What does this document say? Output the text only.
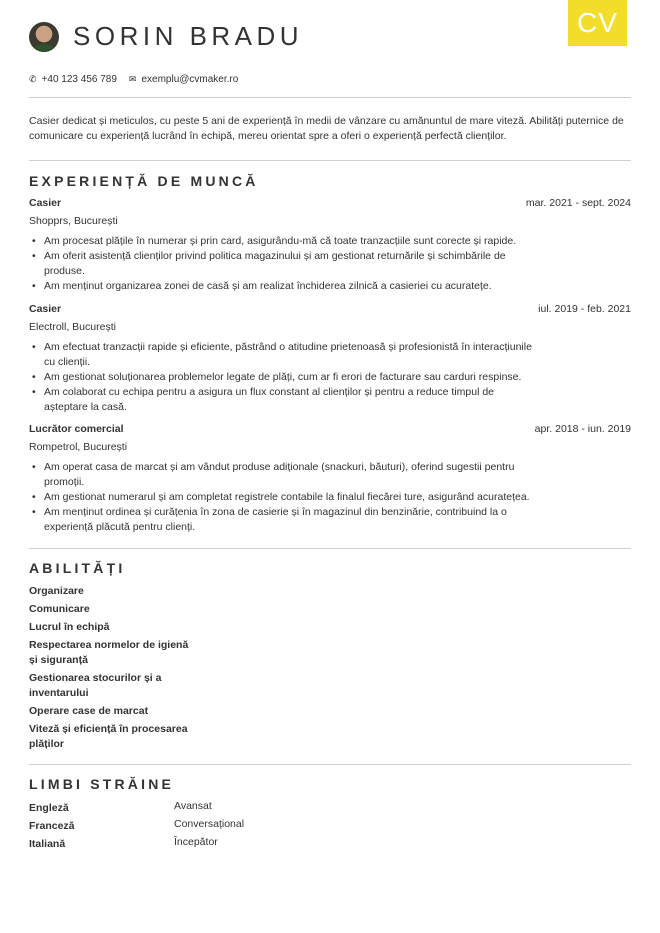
CV
SORIN BRADU
✆ +40 123 456 789 ✉ exemplu@cvmaker.ro

Casier dedicat și meticulos, cu peste 5 ani de experiență în medii de vânzare cu amănuntul de mare viteză. Abilități puternice de comunicare cu experiență lucrând în echipă, mereu orientat spre a oferi o experiență perfectă clienților.

EXPERIENȚĂ DE MUNCĂ
Casier	mar. 2021 - sept. 2024
Shopprs, București
• Am procesat plățile în numerar și prin card, asigurându-mă că toate tranzacțiile sunt corecte și rapide.
• Am oferit asistență clienților privind politica magazinului și am gestionat returnările și schimbările de produse.
• Am menținut organizarea zonei de casă și am realizat închiderea zilnică a casieriei cu acuratețe.
Casier	iul. 2019 - feb. 2021
Electroll, București
• Am efectuat tranzacții rapide și eficiente, păstrând o atitudine prietenoasă și profesionistă în interacțiunile cu clienții.
• Am gestionat soluționarea problemelor legate de plăți, cum ar fi erori de facturare sau carduri respinse.
• Am colaborat cu echipa pentru a asigura un flux constant al clienților și pentru a reduce timpul de așteptare la casă.
Lucrător comercial	apr. 2018 - iun. 2019
Rompetrol, București
• Am operat casa de marcat și am vândut produse adiționale (snackuri, băuturi), oferind sugestii pentru promoții.
• Am gestionat numerarul și am completat registrele contabile la finalul fiecărei ture, asigurând acuratețea.
• Am menținut ordinea și curățenia în zona de casierie și în magazinul din benzinărie, contribuind la o experiență plăcută pentru clienți.
ABILITĂȚI
Organizare
Comunicare
Lucrul în echipă
Respectarea normelor de igienă și siguranță
Gestionarea stocurilor și a inventarului
Operare case de marcat
Viteză și eficiență în procesarea plăților
LIMBI STRĂINE
Engleză	Avansat
Franceză	Conversațional
Italiană	Începător
